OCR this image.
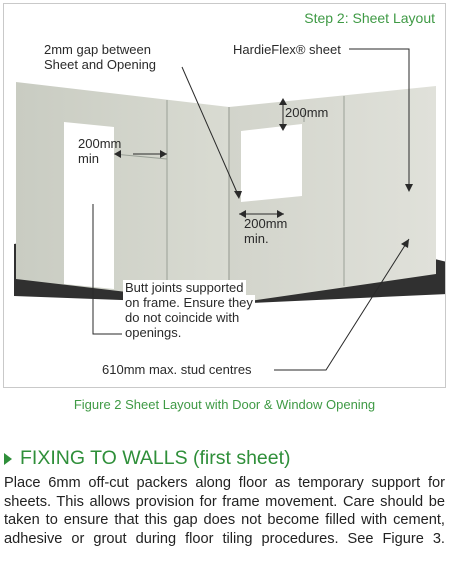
Step 2: Sheet Layout
2mm gap between
Sheet and Opening
HardieFlex® sheet
200mm
200mm
min
200mm
min.
Butt joints supported
on frame. Ensure they
do not coincide with
openings.
610mm max. stud centres
Figure 2 Sheet Layout with Door & Window Opening
FIXING TO WALLS (first sheet)

Place 6mm off-cut packers along floor as temporary support for sheets. This allows provision for frame movement. Care should be taken to ensure that this gap does not become filled with cement, adhesive or grout during floor tiling procedures. See Figure 3.
